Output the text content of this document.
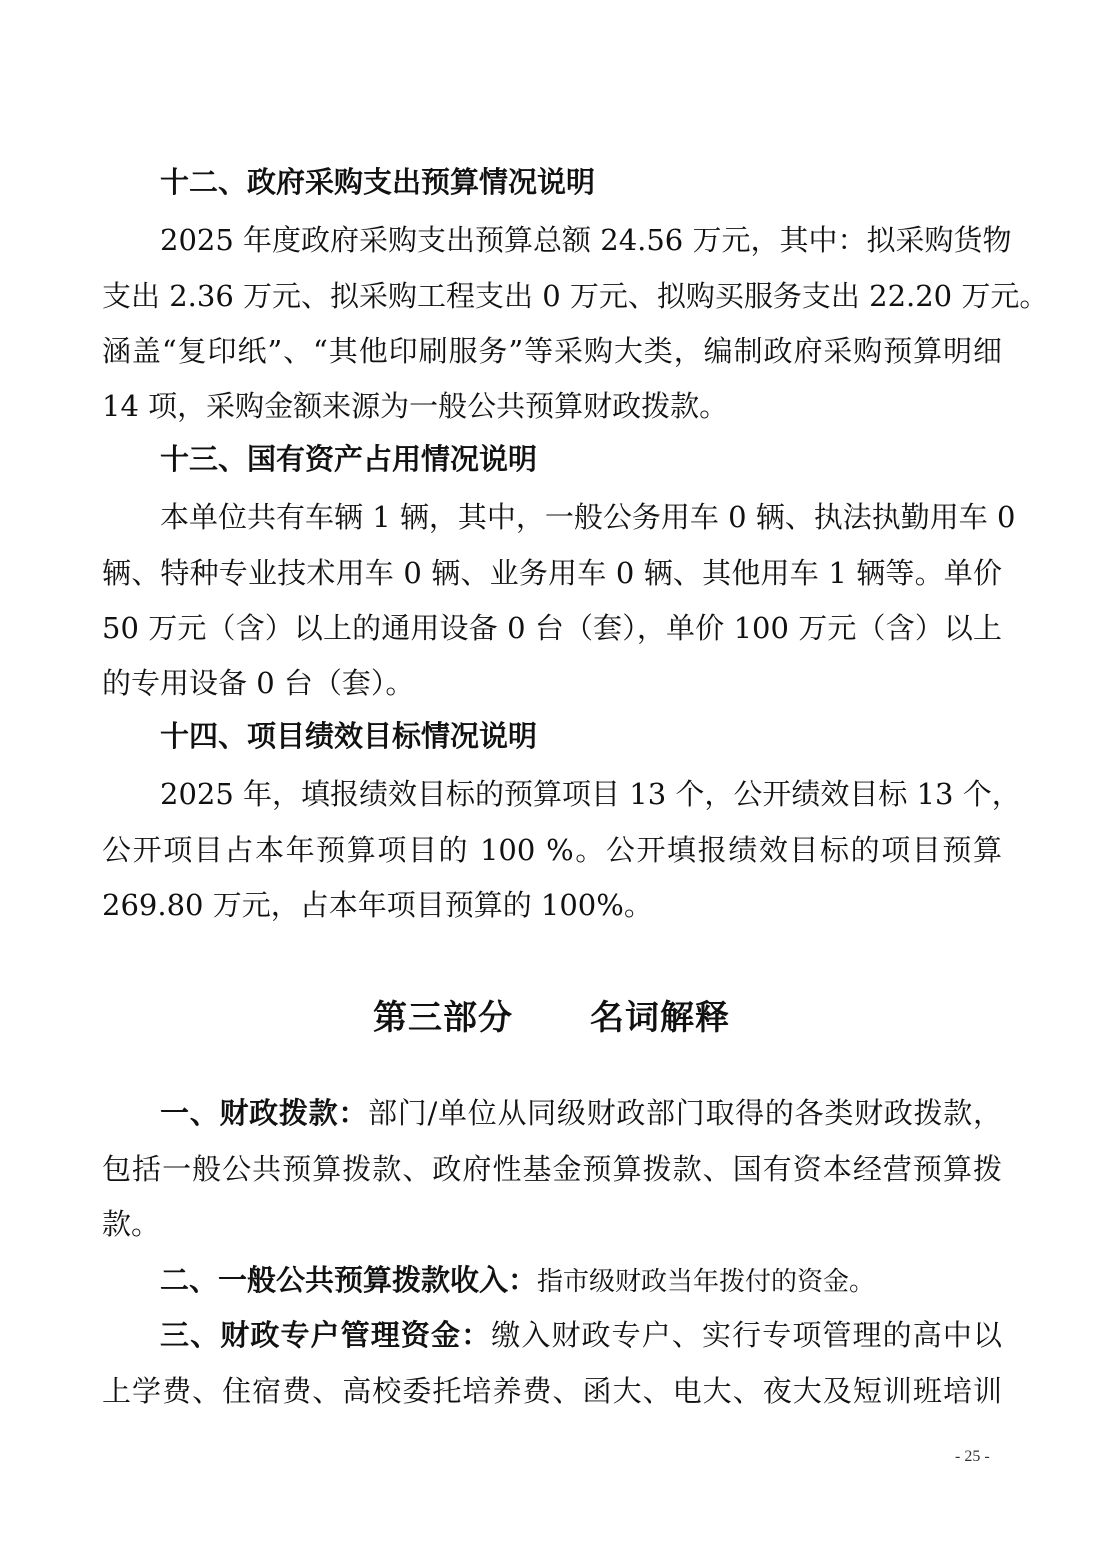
十二、政府采购支出预算情况说明
2025 年度政府采购支出预算总额 24.56 万元，其中：拟采购货物
支出 2.36 万元、拟采购工程支出 0 万元、拟购买服务支出 22.20 万元。
涵盖“复印纸”、“其他印刷服务”等采购大类，编制政府采购预算明细
14 项，采购金额来源为一般公共预算财政拨款。
十三、国有资产占用情况说明
本单位共有车辆 1 辆，其中，一般公务用车 0 辆、执法执勤用车 0
辆、特种专业技术用车 0 辆、业务用车 0 辆、其他用车 1 辆等。单价
50 万元（含）以上的通用设备 0 台（套），单价 100 万元（含）以上
的专用设备 0 台（套）。
十四、项目绩效目标情况说明
2025 年，填报绩效目标的预算项目 13 个，公开绩效目标 13 个，
公开项目占本年预算项目的 100 %。公开填报绩效目标的项目预算
269.80 万元，占本年项目预算的 100%。
第三部分      名词解释
一、财政拨款：部门/单位从同级财政部门取得的各类财政拨款，
包括一般公共预算拨款、政府性基金预算拨款、国有资本经营预算拨
款。
二、一般公共预算拨款收入：指市级财政当年拨付的资金。
三、财政专户管理资金：缴入财政专户、实行专项管理的高中以
上学费、住宿费、高校委托培养费、函大、电大、夜大及短训班培训
- 25 -
